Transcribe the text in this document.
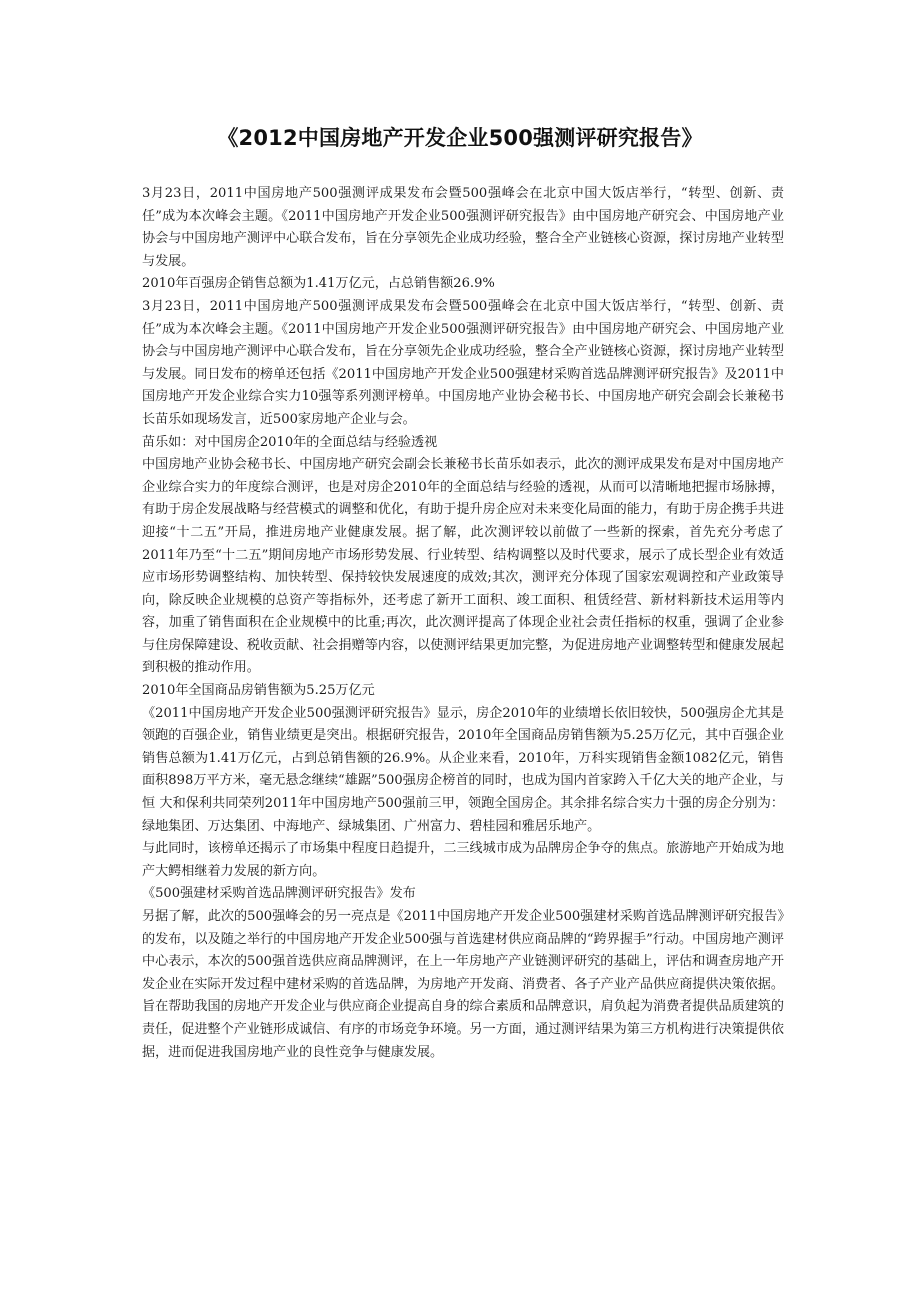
《2012中国房地产开发企业500强测评研究报告》

3月23日，2011中国房地产500强测评成果发布会暨500强峰会在北京中国大饭店举行，“转型、创新、责任”成为本次峰会主题。《2011中国房地产开发企业500强测评研究报告》由中国房地产研究会、中国房地产业协会与中国房地产测评中心联合发布，旨在分享领先企业成功经验，整合全产业链核心资源，探讨房地产业转型与发展。

2010年百强房企销售总额为1.41万亿元，占总销售额26.9%

3月23日，2011中国房地产500强测评成果发布会暨500强峰会在北京中国大饭店举行，“转型、创新、责任”成为本次峰会主题。《2011中国房地产开发企业500强测评研究报告》由中国房地产研究会、中国房地产业协会与中国房地产测评中心联合发布，旨在分享领先企业成功经验，整合全产业链核心资源，探讨房地产业转型与发展。同日发布的榜单还包括《2011中国房地产开发企业500强建材采购首选品牌测评研究报告》及2011中国房地产开发企业综合实力10强等系列测评榜单。中国房地产业协会秘书长、中国房地产研究会副会长兼秘书长苗乐如现场发言，近500家房地产企业与会。

苗乐如：对中国房企2010年的全面总结与经验透视

中国房地产业协会秘书长、中国房地产研究会副会长兼秘书长苗乐如表示，此次的测评成果发布是对中国房地产企业综合实力的年度综合测评，也是对房企2010年的全面总结与经验的透视，从而可以清晰地把握市场脉搏，有助于房企发展战略与经营模式的调整和优化，有助于提升房企应对未来变化局面的能力，有助于房企携手共进迎接“十二五”开局，推进房地产业健康发展。据了解，此次测评较以前做了一些新的探索，首先充分考虑了2011年乃至“十二五”期间房地产市场形势发展、行业转型、结构调整以及时代要求，展示了成长型企业有效适应市场形势调整结构、加快转型、保持较快发展速度的成效;其次，测评充分体现了国家宏观调控和产业政策导向，除反映企业规模的总资产等指标外，还考虑了新开工面积、竣工面积、租赁经营、新材料新技术运用等内容，加重了销售面积在企业规模中的比重;再次，此次测评提高了体现企业社会责任指标的权重，强调了企业参与住房保障建设、税收贡献、社会捐赠等内容，以使测评结果更加完整，为促进房地产业调整转型和健康发展起到积极的推动作用。

2010年全国商品房销售额为5.25万亿元

《2011中国房地产开发企业500强测评研究报告》显示，房企2010年的业绩增长依旧较快，500强房企尤其是领跑的百强企业，销售业绩更是突出。根据研究报告，2010年全国商品房销售额为5.25万亿元，其中百强企业销售总额为1.41万亿元，占到总销售额的26.9%。从企业来看，2010年，万科实现销售金额1082亿元，销售面积898万平方米，毫无悬念继续“雄踞”500强房企榜首的同时，也成为国内首家跨入千亿大关的地产企业，与恒 大和保利共同荣列2011年中国房地产500强前三甲，领跑全国房企。其余排名综合实力十强的房企分别为：绿地集团、万达集团、中海地产、绿城集团、广州富力、碧桂园和雅居乐地产。

与此同时，该榜单还揭示了市场集中程度日趋提升，二三线城市成为品牌房企争夺的焦点。旅游地产开始成为地产大鳄相继着力发展的新方向。

《500强建材采购首选品牌测评研究报告》发布

另据了解，此次的500强峰会的另一亮点是《2011中国房地产开发企业500强建材采购首选品牌测评研究报告》的发布，以及随之举行的中国房地产开发企业500强与首选建材供应商品牌的“跨界握手”行动。中国房地产测评中心表示，本次的500强首选供应商品牌测评，在上一年房地产产业链测评研究的基础上，评估和调查房地产开发企业在实际开发过程中建材采购的首选品牌，为房地产开发商、消费者、各子产业产品供应商提供决策依据。旨在帮助我国的房地产开发企业与供应商企业提高自身的综合素质和品牌意识，肩负起为消费者提供品质建筑的责任，促进整个产业链形成诚信、有序的市场竞争环境。另一方面，通过测评结果为第三方机构进行决策提供依据，进而促进我国房地产业的良性竞争与健康发展。
